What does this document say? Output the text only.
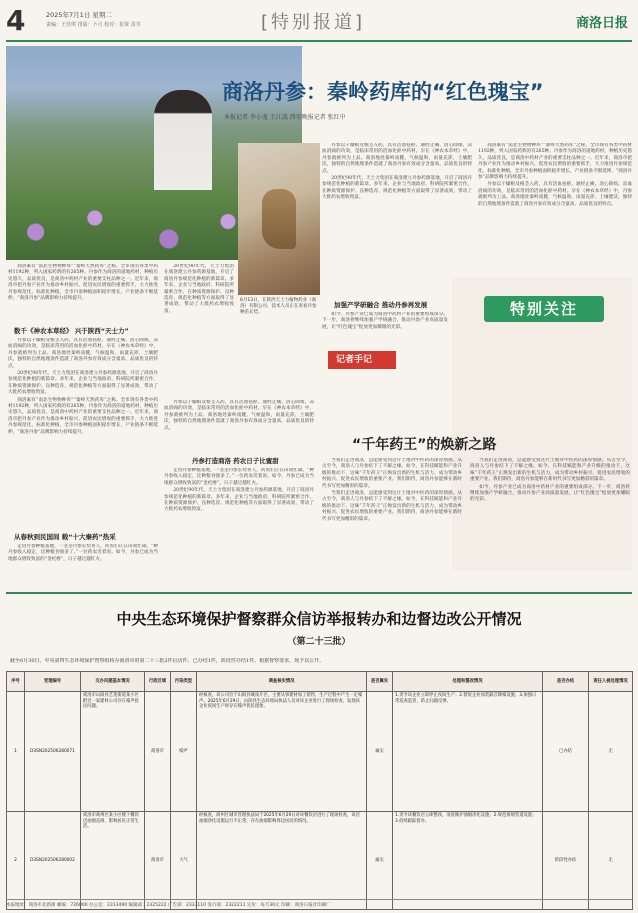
4	2025年7月1日 星期二
责编：王佳琪 排版：卜月 校对：崔贤 雷萃	[特别报道]	商洛日报
商洛丹参：秦岭药库的“红色瑰宝”
本报记者 李小龙 王江波 西安晚报记者 张红中

丹参以干燥根及根茎入药，具有活血祛瘀、通经止痛、清心除烦、凉血消痈的功效，是临床常用的活血化瘀中药材。早在《神农本草经》中，丹参就被列为上品。商洛地处秦岭南麓，气候温和，雨量充沛，土壤肥沃，独特的自然地理条件造就了商洛丹参有效成分含量高、品质优良的特点。

20世纪90年代，天士力集团在商洛建立丹参药源基地，开启了商洛丹参规范化种植的新篇章。多年来，企业与当地政府、科研院所紧密合作，在种质资源保护、良种选育、规范化种植等方面取得了显著成效，带动了大批药农增收致富。

商洛素有“南北生物物种库”“秦岭天然药库”之称。全市现有各类中药材1192种，列入国家药典的有265种。丹参作为商洛的道地药材，种植历史悠久，品质优良，是商洛中药材产业的重要支柱品种之一。近年来，商洛市把丹参产业作为推动乡村振兴、促进农民增收的重要抓手，大力推进丹参规范化、标准化种植，全市丹参种植面积稳步增长，产业链条不断延伸，“商洛丹参”品牌影响力持续提升。

丹参以干燥根及根茎入药，具有活血祛瘀、通经止痛、清心除烦、凉血消痈的功效，是临床常用的活血化瘀中药材。早在《神农本草经》中，丹参就被列为上品。商洛地处秦岭南麓，气候温和，雨量充沛，土壤肥沃，独特的自然地理条件造就了商洛丹参有效成分含量高、品质优良的特点。

6月13日，在陕西天士力植物药业（商洛）有限公司，技术人员正在查看丹参种苗长势。

商洛素有“南北生物物种库”“秦岭天然药库”之称。全市现有各类中药材1192种，列入国家药典的有265种。丹参作为商洛的道地药材，种植历史悠久，品质优良，是商洛中药材产业的重要支柱品种之一。近年来，商洛市把丹参产业作为推动乡村振兴、促进农民增收的重要抓手，大力推进丹参规范化、标准化种植，全市丹参种植面积稳步增长，产业链条不断延伸，“商洛丹参”品牌影响力持续提升。

数千《神农本草经》 兴于陕西“天士力”

丹参以干燥根及根茎入药，具有活血祛瘀、通经止痛、清心除烦、凉血消痈的功效，是临床常用的活血化瘀中药材。早在《神农本草经》中，丹参就被列为上品。商洛地处秦岭南麓，气候温和，雨量充沛，土壤肥沃，独特的自然地理条件造就了商洛丹参有效成分含量高、品质优良的特点。

20世纪90年代，天士力集团在商洛建立丹参药源基地，开启了商洛丹参规范化种植的新篇章。多年来，企业与当地政府、科研院所紧密合作，在种质资源保护、良种选育、规范化种植等方面取得了显著成效，带动了大批药农增收致富。

商洛素有“南北生物物种库”“秦岭天然药库”之称。全市现有各类中药材1192种，列入国家药典的有265种。丹参作为商洛的道地药材，种植历史悠久，品质优良，是商洛中药材产业的重要支柱品种之一。近年来，商洛市把丹参产业作为推动乡村振兴、促进农民增收的重要抓手，大力推进丹参规范化、标准化种植，全市丹参种植面积稳步增长，产业链条不断延伸，“商洛丹参”品牌影响力持续提升。

从春秋到民国间 载“十大秦药”热采

走进丹参种植基地，一垄垄丹参长势喜人，药农们正在田间忙碌。“种丹参收入稳定，比种粮食强多了。”一位药农笑着说。如今，丹参已成为当地群众增收致富的“金疙瘩”，日子越过越红火。

20世纪90年代，天士力集团在商洛建立丹参药源基地，开启了商洛丹参规范化种植的新篇章。多年来，企业与当地政府、科研院所紧密合作，在种质资源保护、良种选育、规范化种植等方面取得了显著成效，带动了大批药农增收致富。

丹参以干燥根及根茎入药，具有活血祛瘀、通经止痛、清心除烦、凉血消痈的功效，是临床常用的活血化瘀中药材。早在《神农本草经》中，丹参就被列为上品。商洛地处秦岭南麓，气候温和，雨量充沛，土壤肥沃，独特的自然地理条件造就了商洛丹参有效成分含量高、品质优良的特点。

丹参打造商洛 药农日子比蜜甜

走进丹参种植基地，一垄垄丹参长势喜人，药农们正在田间忙碌。“种丹参收入稳定，比种粮食强多了。”一位药农笑着说。如今，丹参已成为当地群众增收致富的“金疙瘩”，日子越过越红火。

20世纪90年代，天士力集团在商洛建立丹参药源基地，开启了商洛丹参规范化种植的新篇章。多年来，企业与当地政府、科研院所紧密合作，在种质资源保护、良种选育、规范化种植等方面取得了显著成效，带动了大批药农增收致富。

加强产学研融合 推动丹参再发展

如今，丹参产业已成为商洛中药材产业的重要组成部分。下一步，商洛将继续加强产学研融合，推动丹参产业高质量发展，让“红色瑰宝”绽放更加耀眼的光彩。

特别关注
记者手记
“千年药王”的焕新之路

当我们走进商洛，总能感受到这片土地对中医药的深厚情感。从古至今，商洛人与丹参结下了不解之缘。如今，在科技赋能和产业升级的推动下，这味“千年药王”正焕发出新的生机与活力，成为带动乡村振兴、促进农民增收的重要产业。我们期待，商洛丹参能够在新时代书写更加精彩的篇章。

当我们走进商洛，总能感受到这片土地对中医药的深厚情感。从古至今，商洛人与丹参结下了不解之缘。如今，在科技赋能和产业升级的推动下，这味“千年药王”正焕发出新的生机与活力，成为带动乡村振兴、促进农民增收的重要产业。我们期待，商洛丹参能够在新时代书写更加精彩的篇章。

当我们走进商洛，总能感受到这片土地对中医药的深厚情感。从古至今，商洛人与丹参结下了不解之缘。如今，在科技赋能和产业升级的推动下，这味“千年药王”正焕发出新的生机与活力，成为带动乡村振兴、促进农民增收的重要产业。我们期待，商洛丹参能够在新时代书写更加精彩的篇章。

如今，丹参产业已成为商洛中药材产业的重要组成部分。下一步，商洛将继续加强产学研融合，推动丹参产业高质量发展，让“红色瑰宝”绽放更加耀眼的光彩。

中央生态环境保护督察群众信访举报转办和边督边改公开情况
（第二十三批）
截至6月30日，中央第四生态环境保护督察组转办商洛市的第二十三批2件信访件，已办结1件，阶段性办结1件。根据督察要求，现予以公开。
序号	受理编号	交办问题基本情况	行政区域	污染类型	调查核实情况	是否属实	处理和整改情况	是否办结	责任人被处理情况
1	D3SN202506280071	商洛市山阳县艺莲街道某小区附近一家建材公司存在噪声扰民问题。	商洛市	噪声	经核查，该公司位于山阳县城南片区，主要从事建材加工销售，生产过程中产生一定噪声。2025年6月29日，山阳县生态环境局执法人员对该企业进行了现场检查，发现该企业夜间生产时存在噪声扰民现象。	属实	1.责令该企业立即停止夜间生产；2.督促企业加装隔音降噪设施；3.加强日常巡查监管，防止问题反弹。	已办结	无
2	D3SN202506280002	商洛市商州区某小区楼下餐饮店油烟直排，影响居民正常生活。	商洛市	大气	经核查，商州区城市管理执法局于2025年6月29日对该餐饮店进行了现场检查，该店油烟净化设施运行不正常，存在油烟影响周边居民的情况。	属实	1.责令该餐饮店立即整改，清洗维护油烟净化设施；2.规范排烟管道设置；3.持续跟踪督办。	阶段性办结	无
本报地址：商洛市北新街 邮编：726000 办公室：2313490 编辑部：2325222 广告部：2333110 发行部：2322211 定价：每月36元 印刷：商洛日报社印刷厂
